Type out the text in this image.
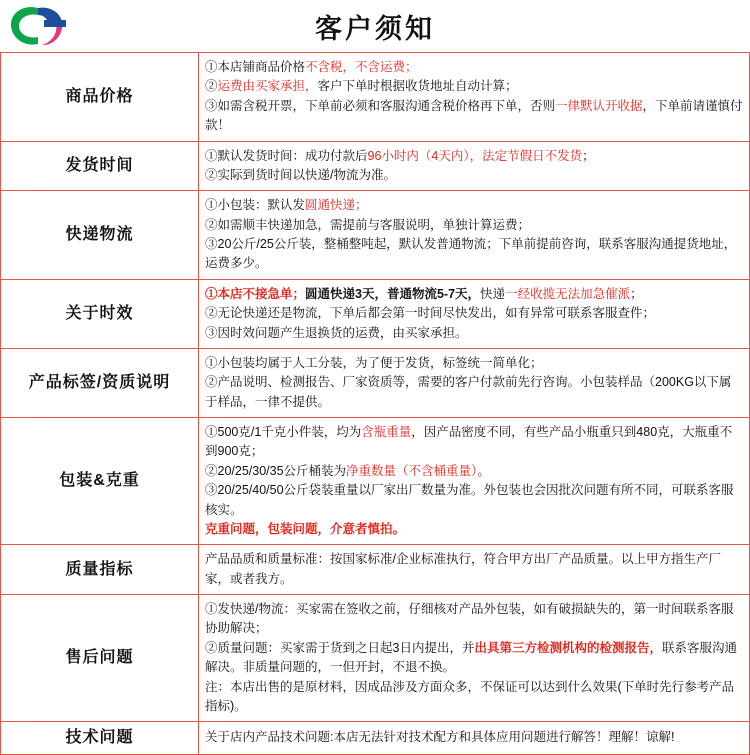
客户须知
商品价格	①本店铺商品价格不含税，不含运费；

②运费由买家承担，客户下单时根据收货地址自动计算；

③如需含税开票，下单前必须和客服沟通含税价格再下单，否则一律默认开收据，下单前请谨慎付款！

发货时间	①默认发货时间：成功付款后96小时内（4天内），法定节假日不发货；

②实际到货时间以快递/物流为准。

快递物流	①小包装：默认发圆通快递；

②如需顺丰快递加急，需提前与客服说明，单独计算运费；

③20公斤/25公斤装，整桶整吨起，默认发普通物流；下单前提前咨询，联系客服沟通提货地址，运费多少。

关于时效	①本店不接急单；圆通快递3天，普通物流5-7天，快递一经收揽无法加急催派；

②无论快递还是物流，下单后都会第一时间尽快发出，如有异常可联系客服查件；

③因时效问题产生退换货的运费，由买家承担。

产品标签/资质说明	①小包装均属于人工分装，为了便于发货，标签统一简单化；

②产品说明、检测报告、厂家资质等，需要的客户付款前先行咨询。小包装样品（200KG以下属于样品，一律不提供。

包装&克重	①500克/1千克小件装，均为含瓶重量，因产品密度不同，有些产品小瓶重只到480克，大瓶重不到900克；

②20/25/30/35公斤桶装为净重数量（不含桶重量）。

③20/25/40/50公斤袋装重量以厂家出厂数量为准。外包装也会因批次问题有所不同，可联系客服核实。

克重问题，包装问题，介意者慎拍。

质量指标	产品品质和质量标准：按国家标准/企业标准执行，符合甲方出厂产品质量。以上甲方指生产厂家，或者我方。

售后问题	①发快递/物流：买家需在签收之前，仔细核对产品外包装，如有破损缺失的，第一时间联系客服协助解决；

②质量问题：买家需于货到之日起3日内提出，并出具第三方检测机构的检测报告，联系客服沟通解决。非质量问题的，一但开封，不退不换。

注：本店出售的是原材料，因成品涉及方面众多，不保证可以达到什么效果(下单时先行参考产品指标)。

技术问题	关于店内产品技术问题:本店无法针对技术配方和具体应用问题进行解答！理解！谅解!
